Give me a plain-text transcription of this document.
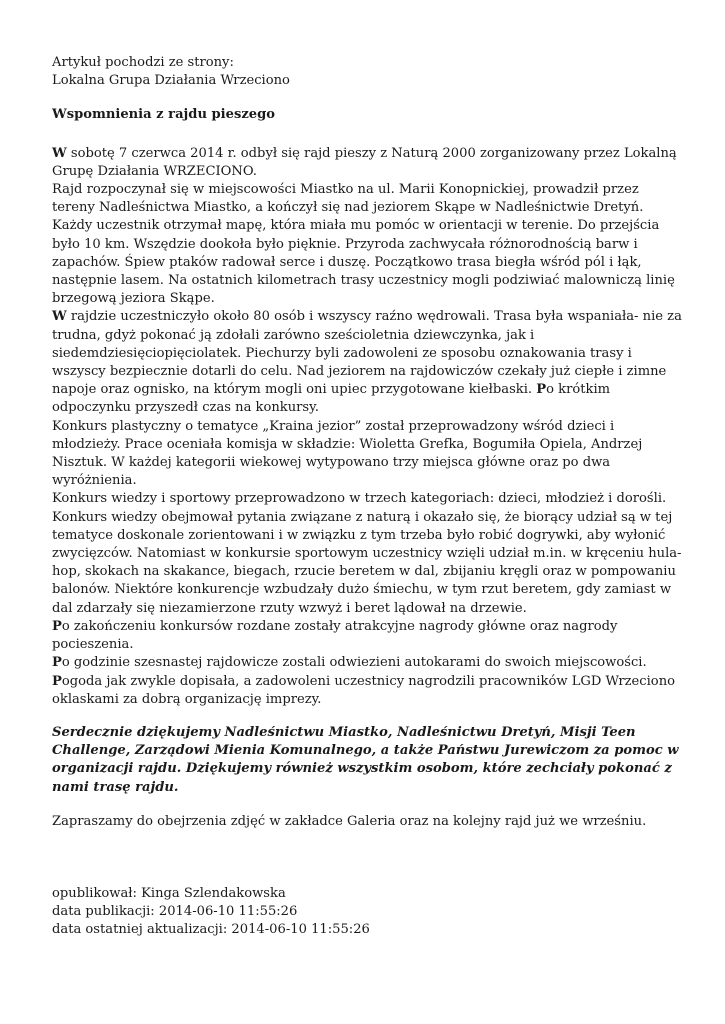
Artykuł pochodzi ze strony:
Lokalna Grupa Działania Wrzeciono
Wspomnienia z rajdu pieszego
W sobotę 7 czerwca 2014 r. odbył się rajd pieszy z Naturą 2000 zorganizowany przez Lokalną Grupę Działania WRZECIONO.
Rajd rozpoczynał się w miejscowości Miastko na ul. Marii Konopnickiej, prowadził przez tereny Nadleśnictwa Miastko, a kończył się nad jeziorem Skąpe w Nadleśnictwie Dretyń. Każdy uczestnik otrzymał mapę, która miała mu pomóc w orientacji w terenie. Do przejścia było 10 km. Wszędzie dookoła było pięknie. Przyroda zachwycała różnorodnością barw i zapachów. Śpiew ptaków radował serce i duszę. Początkowo trasa biegła wśród pól i łąk, następnie lasem. Na ostatnich kilometrach trasy uczestnicy mogli podziwiać malowniczą linię brzegową jeziora Skąpe.
W rajdzie uczestniczyło około 80 osób i wszyscy raźno wędrowali. Trasa była wspaniała- nie za trudna, gdyż pokonać ją zdołali zarówno sześcioletnia dziewczynka, jak i siedemdziesięciopięciolatek. Piechurzy byli zadowoleni ze sposobu oznakowania trasy i wszyscy bezpiecznie dotarli do celu. Nad jeziorem na rajdowiczów czekały już ciepłe i zimne napoje oraz ognisko, na którym mogli oni upiec przygotowane kiełbaski. Po krótkim odpoczynku przyszedł czas na konkursy.
Konkurs plastyczny o tematyce „Kraina jezior” został przeprowadzony wśród dzieci i młodzieży. Prace oceniała komisja w składzie: Wioletta Grefka, Bogumiła Opiela, Andrzej Nisztuk. W każdej kategorii wiekowej wytypowano trzy miejsca główne oraz po dwa wyróżnienia.
Konkurs wiedzy i sportowy przeprowadzono w trzech kategoriach: dzieci, młodzież i dorośli. Konkurs wiedzy obejmował pytania związane z naturą i okazało się, że biorący udział są w tej tematyce doskonale zorientowani i w związku z tym trzeba było robić dogrywki, aby wyłonić zwycięzców. Natomiast w konkursie sportowym uczestnicy wzięli udział m.in. w kręceniu hula-hop, skokach na skakance, biegach, rzucie beretem w dal, zbijaniu kręgli oraz w pompowaniu balonów. Niektóre konkurencje wzbudzały dużo śmiechu, w tym rzut beretem, gdy zamiast w dal zdarzały się niezamierzone rzuty wzwyż i beret lądował na drzewie.
Po zakończeniu konkursów rozdane zostały atrakcyjne nagrody główne oraz nagrody pocieszenia.
Po godzinie szesnastej rajdowicze zostali odwiezieni autokarami do swoich miejscowości.
Pogoda jak zwykle dopisała, a zadowoleni uczestnicy nagrodzili pracowników LGD Wrzeciono oklaskami za dobrą organizację imprezy.
Serdecznie dziękujemy Nadleśnictwu Miastko, Nadleśnictwu Dretyń, Misji Teen Challenge, Zarządowi Mienia Komunalnego, a także Państwu Jurewiczom za pomoc w organizacji rajdu. Dziękujemy również wszystkim osobom, które zechciały pokonać z nami trasę rajdu.
Zapraszamy do obejrzenia zdjęć w zakładce Galeria oraz na kolejny rajd już we wrześniu.
opublikował: Kinga Szlendakowska
data publikacji: 2014-06-10 11:55:26
data ostatniej aktualizacji: 2014-06-10 11:55:26
